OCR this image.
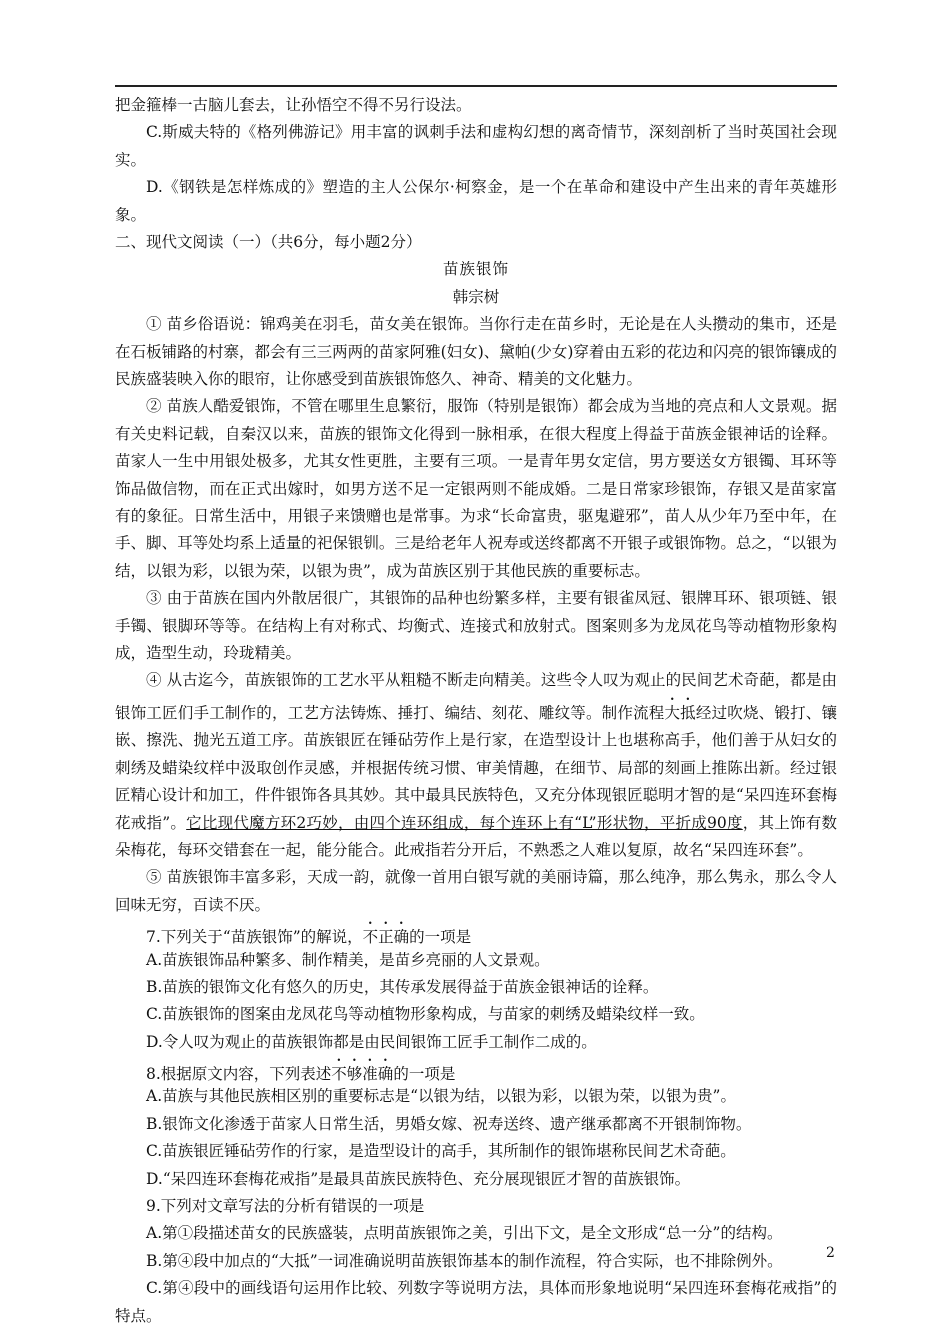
把金箍棒一古脑儿套去，让孙悟空不得不另行设法。
C.斯威夫特的《格列佛游记》用丰富的讽刺手法和虚构幻想的离奇情节，深刻剖析了当时英国社会现实。
D.《钢铁是怎样炼成的》塑造的主人公保尔·柯察金，是一个在革命和建设中产生出来的青年英雄形象。
二、现代文阅读（一）（共6分，每小题2分）
苗族银饰
韩宗树
① 苗乡俗语说：锦鸡美在羽毛，苗女美在银饰。当你行走在苗乡时，无论是在人头攒动的集市，还是在石板铺路的村寨，都会有三三两两的苗家阿雅(妇女)、黛帕(少女)穿着由五彩的花边和闪亮的银饰镶成的民族盛装映入你的眼帘，让你感受到苗族银饰悠久、神奇、精美的文化魅力。
② 苗族人酷爱银饰，不管在哪里生息繁衍，服饰（特别是银饰）都会成为当地的亮点和人文景观。据有关史料记载，自秦汉以来，苗族的银饰文化得到一脉相承，在很大程度上得益于苗族金银神话的诠释。苗家人一生中用银处极多，尤其女性更胜，主要有三项。一是青年男女定信，男方要送女方银镯、耳环等饰品做信物，而在正式出嫁时，如男方送不足一定银两则不能成婚。二是日常家珍银饰，存银又是苗家富有的象征。日常生活中，用银子来馈赠也是常事。为求“长命富贵，驱鬼避邪”，苗人从少年乃至中年，在手、脚、耳等处均系上适量的祀保银钏。三是给老年人祝寿或送终都离不开银子或银饰物。总之，“以银为结，以银为彩，以银为荣，以银为贵”，成为苗族区别于其他民族的重要标志。
③ 由于苗族在国内外散居很广，其银饰的品种也纷繁多样，主要有银雀凤冠、银牌耳环、银项链、银手镯、银脚环等等。在结构上有对称式、均衡式、连接式和放射式。图案则多为龙凤花鸟等动植物形象构成，造型生动，玲珑精美。
④ 从古迄今，苗族银饰的工艺水平从粗糙不断走向精美。这些令人叹为观止的民间艺术奇葩，都是由银饰工匠们手工制作的，工艺方法铸炼、捶打、编结、刻花、雕纹等。制作流程大抵经过吹烧、锻打、镶嵌、擦洗、抛光五道工序。苗族银匠在锤砧劳作上是行家，在造型设计上也堪称高手，他们善于从妇女的刺绣及蜡染纹样中汲取创作灵感，并根据传统习惯、审美情趣，在细节、局部的刻画上推陈出新。经过银匠精心设计和加工，件件银饰各具其妙。其中最具民族特色，又充分体现银匠聪明才智的是“呆四连环套梅花戒指”。它比现代魔方环2巧妙，由四个连环组成，每个连环上有“L”形状物，平折成90度，其上饰有数朵梅花，每环交错套在一起，能分能合。此戒指若分开后，不熟悉之人难以复原，故名“呆四连环套”。
⑤ 苗族银饰丰富多彩，天成一韵，就像一首用白银写就的美丽诗篇，那么纯净，那么隽永，那么令人回味无穷，百读不厌。
7.下列关于“苗族银饰”的解说，不正确的一项是
A.苗族银饰品种繁多、制作精美，是苗乡亮丽的人文景观。
B.苗族的银饰文化有悠久的历史，其传承发展得益于苗族金银神话的诠释。
C.苗族银饰的图案由龙凤花鸟等动植物形象构成，与苗家的刺绣及蜡染纹样一致。
D.令人叹为观止的苗族银饰都是由民间银饰工匠手工制作二成的。
8.根据原文内容，下列表述不够准确的一项是
A.苗族与其他民族相区别的重要标志是“以银为结，以银为彩，以银为荣，以银为贵”。
B.银饰文化渗透于苗家人日常生活，男婚女嫁、祝寿送终、遗产继承都离不开银制饰物。
C.苗族银匠锤砧劳作的行家，是造型设计的高手，其所制作的银饰堪称民间艺术奇葩。
D.“呆四连环套梅花戒指”是最具苗族民族特色、充分展现银匠才智的苗族银饰。
9.下列对文章写法的分析有错误的一项是
A.第①段描述苗女的民族盛装，点明苗族银饰之美，引出下文，是全文形成“总一分”的结构。
B.第④段中加点的“大抵”一词准确说明苗族银饰基本的制作流程，符合实际，也不排除例外。
C.第④段中的画线语句运用作比较、列数字等说明方法，具体而形象地说明“呆四连环套梅花戒指”的特点。
2
